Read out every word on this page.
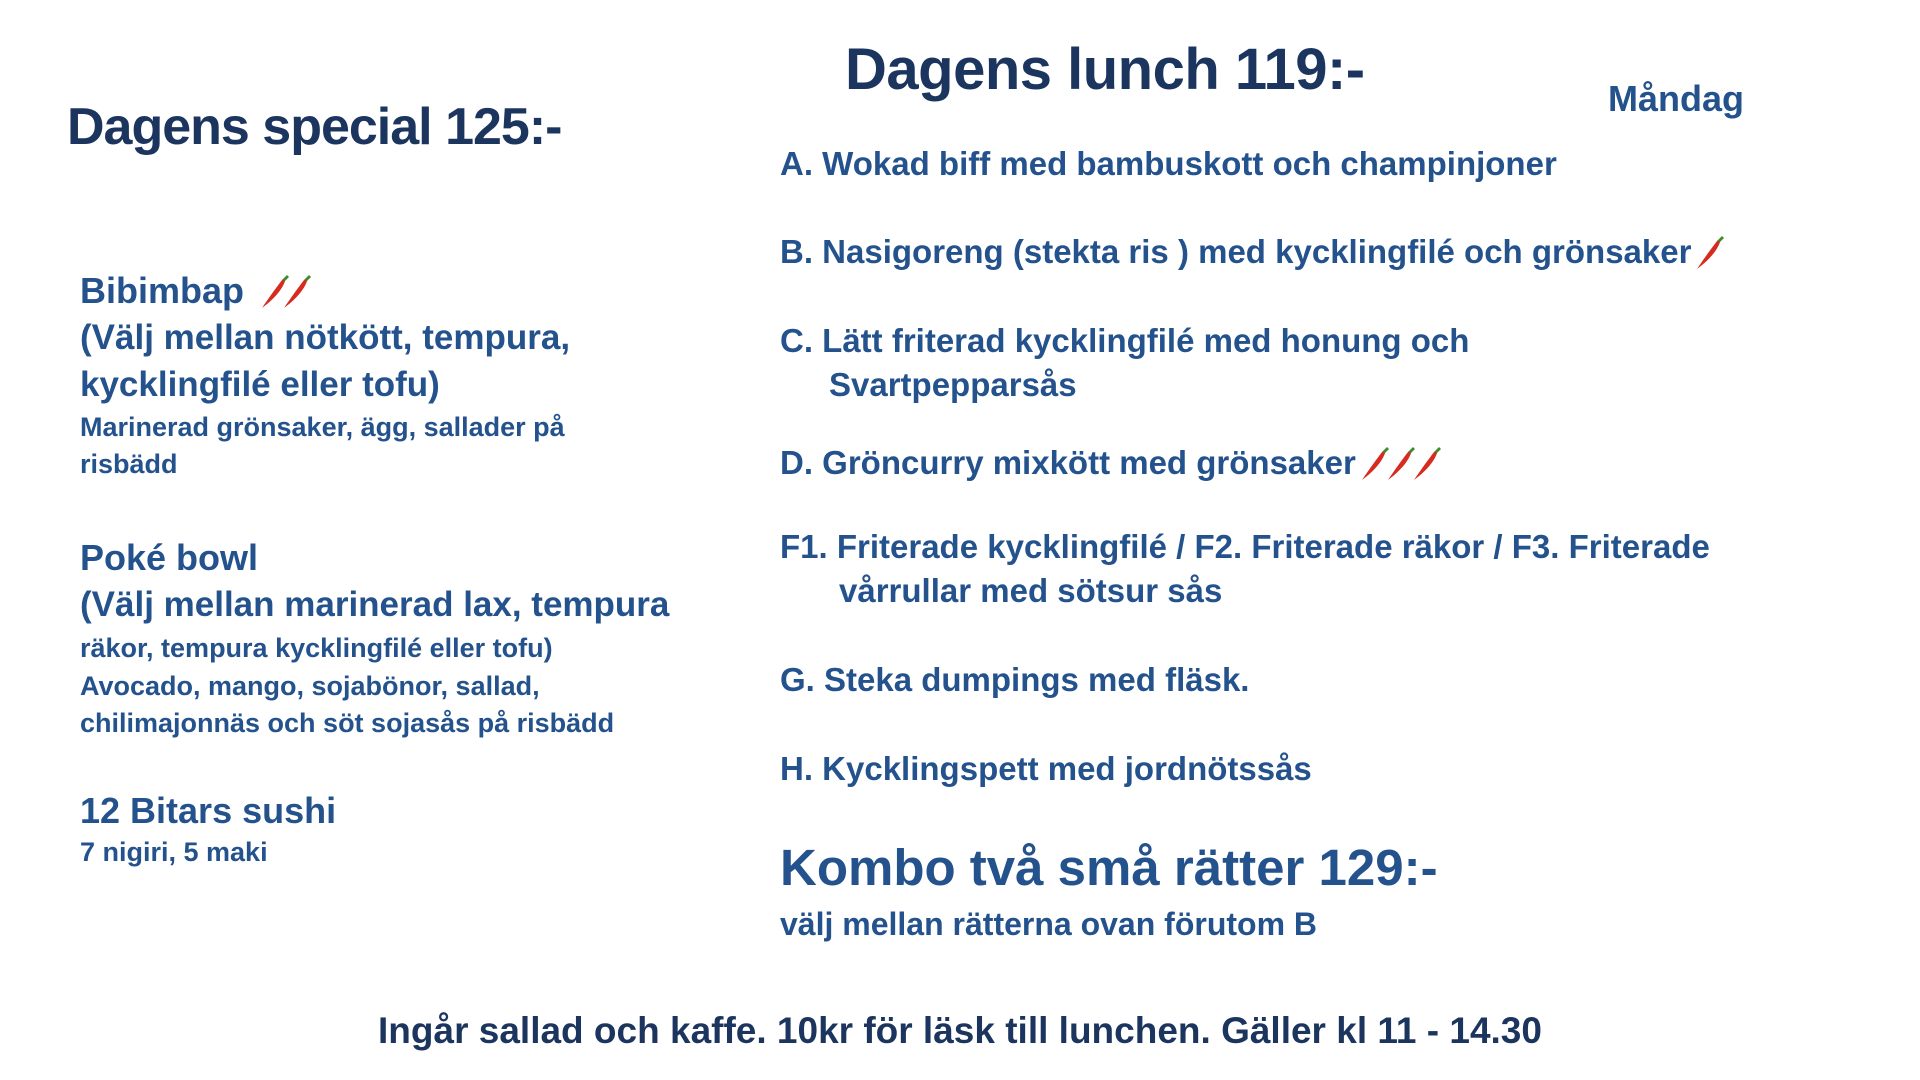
Dagens special 125:-
Bibimbap
(Välj mellan nötkött, tempura,
kycklingfilé eller tofu)
Marinerad grönsaker, ägg, sallader på
risbädd
Poké bowl
(Välj mellan marinerad lax, tempura
räkor, tempura kycklingfilé eller tofu)
Avocado, mango, sojabönor, sallad,
chilimajonnäs och söt sojasås på risbädd
12 Bitars sushi
7 nigiri, 5 maki
Dagens lunch 119:-	Måndag
A. Wokad biff med bambuskott och champinjoner
B. Nasigoreng (stekta ris ) med kycklingfilé och grönsaker
C. Lätt friterad kycklingfilé med honung och
Svartpepparsås
D. Gröncurry mixkött med grönsaker
F1. Friterade kycklingfilé / F2. Friterade räkor / F3. Friterade
vårrullar med sötsur sås
G. Steka dumpings med fläsk.
H. Kycklingspett med jordnötssås
Kombo två små rätter 129:-
välj mellan rätterna ovan förutom B
Ingår sallad och kaffe. 10kr för läsk till lunchen. Gäller kl 11 - 14.30
